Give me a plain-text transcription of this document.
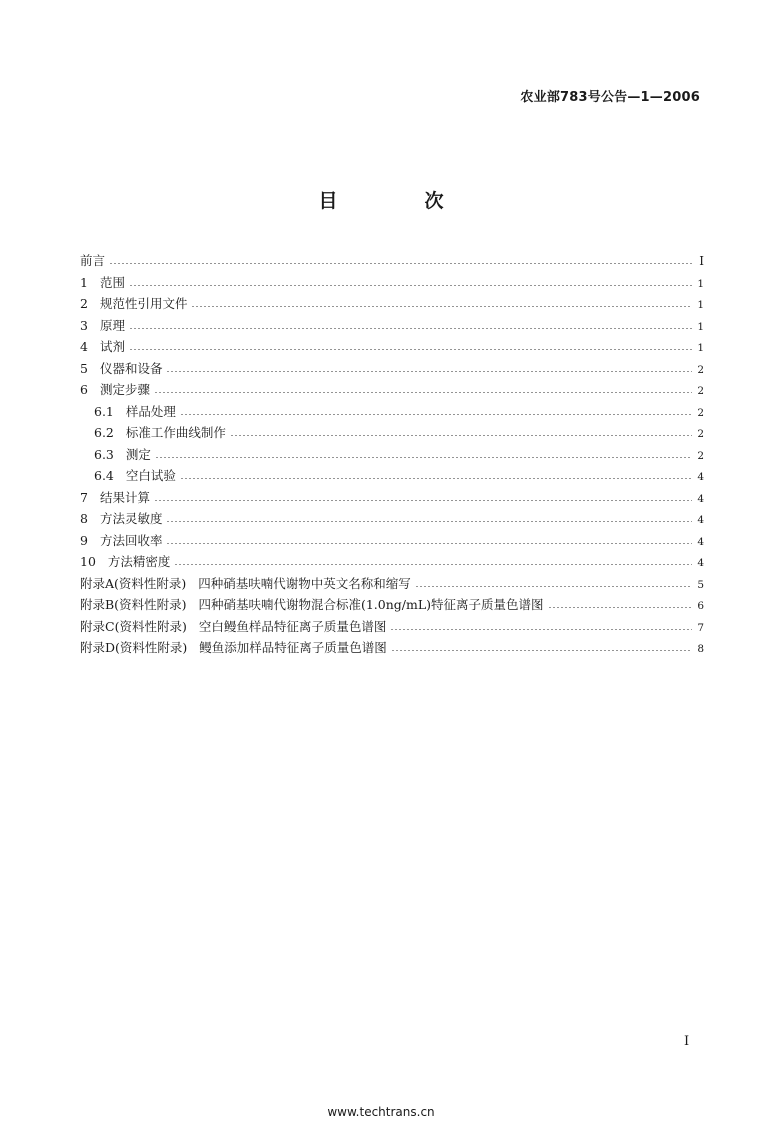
农业部783号公告—1—2006
目　次
前言	I
1 范围	1
2 规范性引用文件	1
3 原理	1
4 试剂	1
5 仪器和设备	2
6 测定步骤	2
6.1 样品处理	2
6.2 标准工作曲线制作	2
6.3 测定	2
6.4 空白试验	4
7 结果计算	4
8 方法灵敏度	4
9 方法回收率	4
10 方法精密度	4
附录A(资料性附录) 四种硝基呋喃代谢物中英文名称和缩写	5
附录B(资料性附录) 四种硝基呋喃代谢物混合标准(1.0ng/mL)特征离子质量色谱图	6
附录C(资料性附录) 空白鳗鱼样品特征离子质量色谱图	7
附录D(资料性附录) 鳗鱼添加样品特征离子质量色谱图	8
I
www.techtrans.cn
